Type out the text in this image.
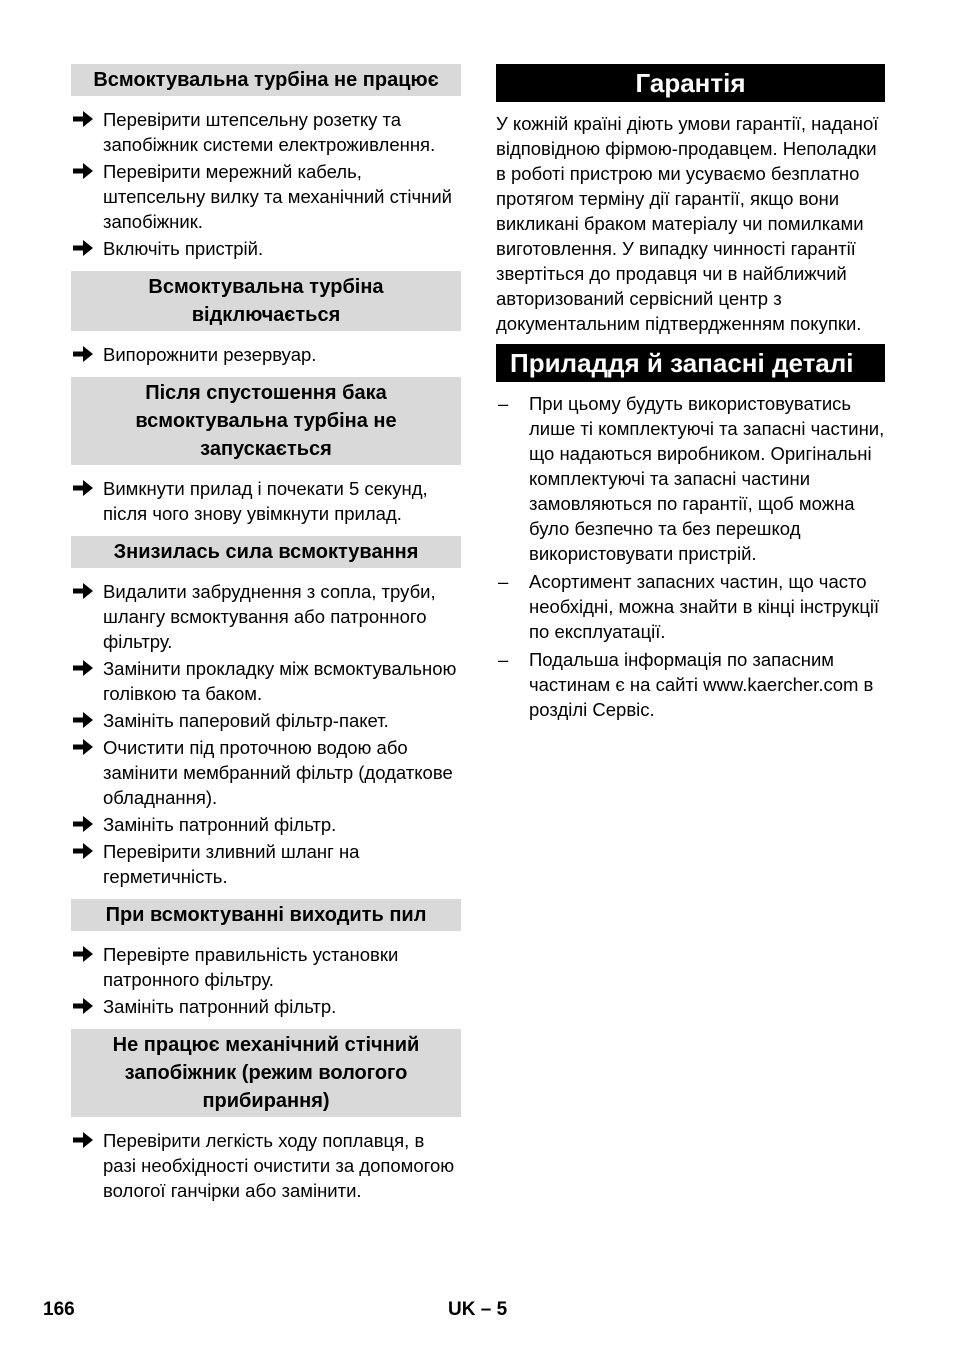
Всмоктувальна турбіна не працює
Перевірити штепсельну розетку та запобіжник системи електроживлення.
Перевірити мережний кабель, штепсельну вилку та механічний стічний запобіжник.
Включіть пристрій.
Всмоктувальна турбіна відключається
Випорожнити резервуар.
Після спустошення бака всмоктувальна турбіна не запускається
Вимкнути прилад і почекати 5 секунд, після чого знову увімкнути прилад.
Знизилась сила всмоктування
Видалити забруднення з сопла, труби, шлангу всмоктування або патронного фільтру.
Замінити прокладку між всмоктувальною голівкою та баком.
Замініть паперовий фільтр-пакет.
Очистити під проточною водою або замінити мембранний фільтр (додаткове обладнання).
Замініть патронний фільтр.
Перевірити зливний шланг на герметичність.
При всмоктуванні виходить пил
Перевірте правильність установки патронного фільтру.
Замініть патронний фільтр.
Не працює механічний стічний запобіжник (режим вологого прибирання)
Перевірити легкість ходу поплавця, в разі необхідності очистити за допомогою вологої ганчірки або замінити.
Гарантія

У кожній країні діють умови гарантії, наданої відповідною фірмою-продавцем. Неполадки в роботі пристрою ми усуваємо безплатно протягом терміну дії гарантії, якщо вони викликані браком матеріалу чи помилками виготовлення. У випадку чинності гарантії звертіться до продавця чи в найближчий авторизований сервісний центр з документальним підтвердженням покупки.

Приладдя й запасні деталі
–	При цьому будуть використовуватись лише ті комплектуючі та запасні частини, що надаються виробником. Оригінальні комплектуючі та запасні частини замовляються по гарантії, щоб можна було безпечно та без перешкод використовувати пристрій.
–	Асортимент запасних частин, що часто необхідні, можна знайти в кінці інструкції по експлуатації.
–	Подальша інформація по запасним частинам є на сайті www.kaercher.com в розділі Сервіс.
166	UK – 5
